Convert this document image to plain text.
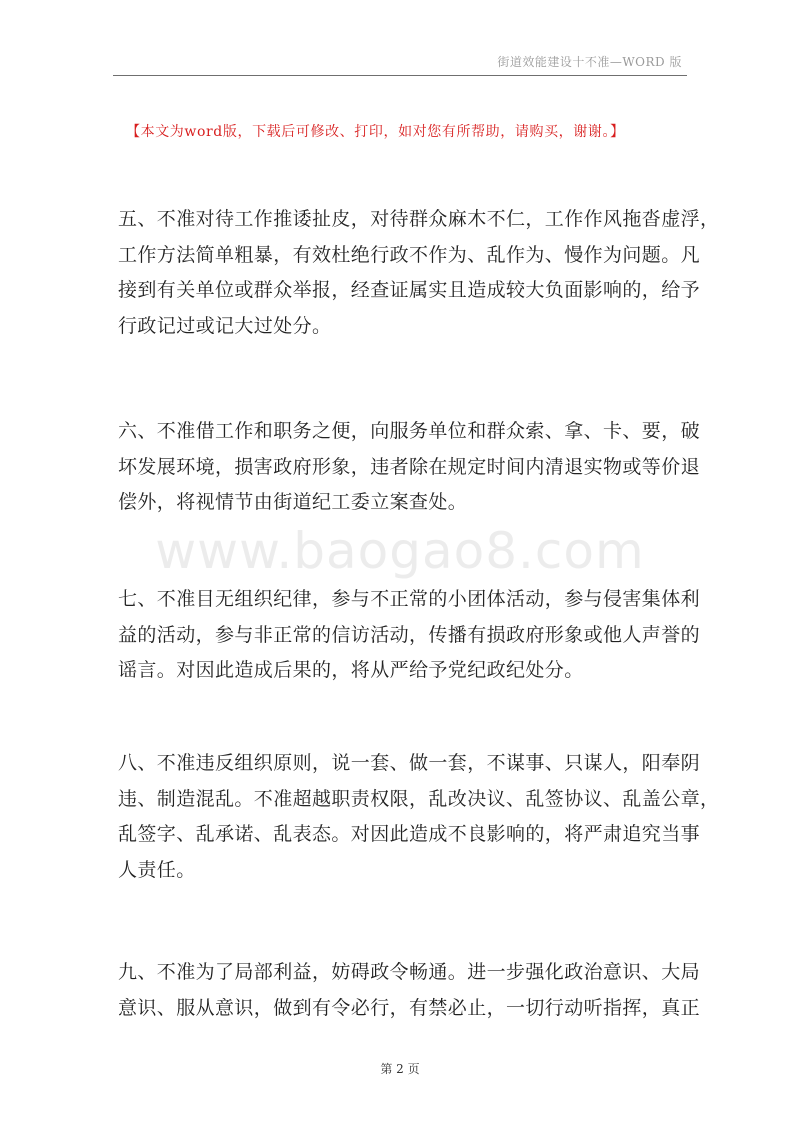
街道效能建设十不准—WORD 版
【本文为word版，下载后可修改、打印，如对您有所帮助，请购买，谢谢。】
www.baogao8.com
五、不准对待工作推诿扯皮，对待群众麻木不仁，工作作风拖沓虚浮，
工作方法简单粗暴，有效杜绝行政不作为、乱作为、慢作为问题。凡
接到有关单位或群众举报，经查证属实且造成较大负面影响的，给予
行政记过或记大过处分。
六、不准借工作和职务之便，向服务单位和群众索、拿、卡、要，破
坏发展环境，损害政府形象，违者除在规定时间内清退实物或等价退
偿外，将视情节由街道纪工委立案查处。
七、不准目无组织纪律，参与不正常的小团体活动，参与侵害集体利
益的活动，参与非正常的信访活动，传播有损政府形象或他人声誉的
谣言。对因此造成后果的，将从严给予党纪政纪处分。
八、不准违反组织原则，说一套、做一套，不谋事、只谋人，阳奉阴
违、制造混乱。不准超越职责权限，乱改决议、乱签协议、乱盖公章，
乱签字、乱承诺、乱表态。对因此造成不良影响的，将严肃追究当事
人责任。
九、不准为了局部利益，妨碍政令畅通。进一步强化政治意识、大局
意识、服从意识，做到有令必行，有禁必止，一切行动听指挥，真正
第 2 页
